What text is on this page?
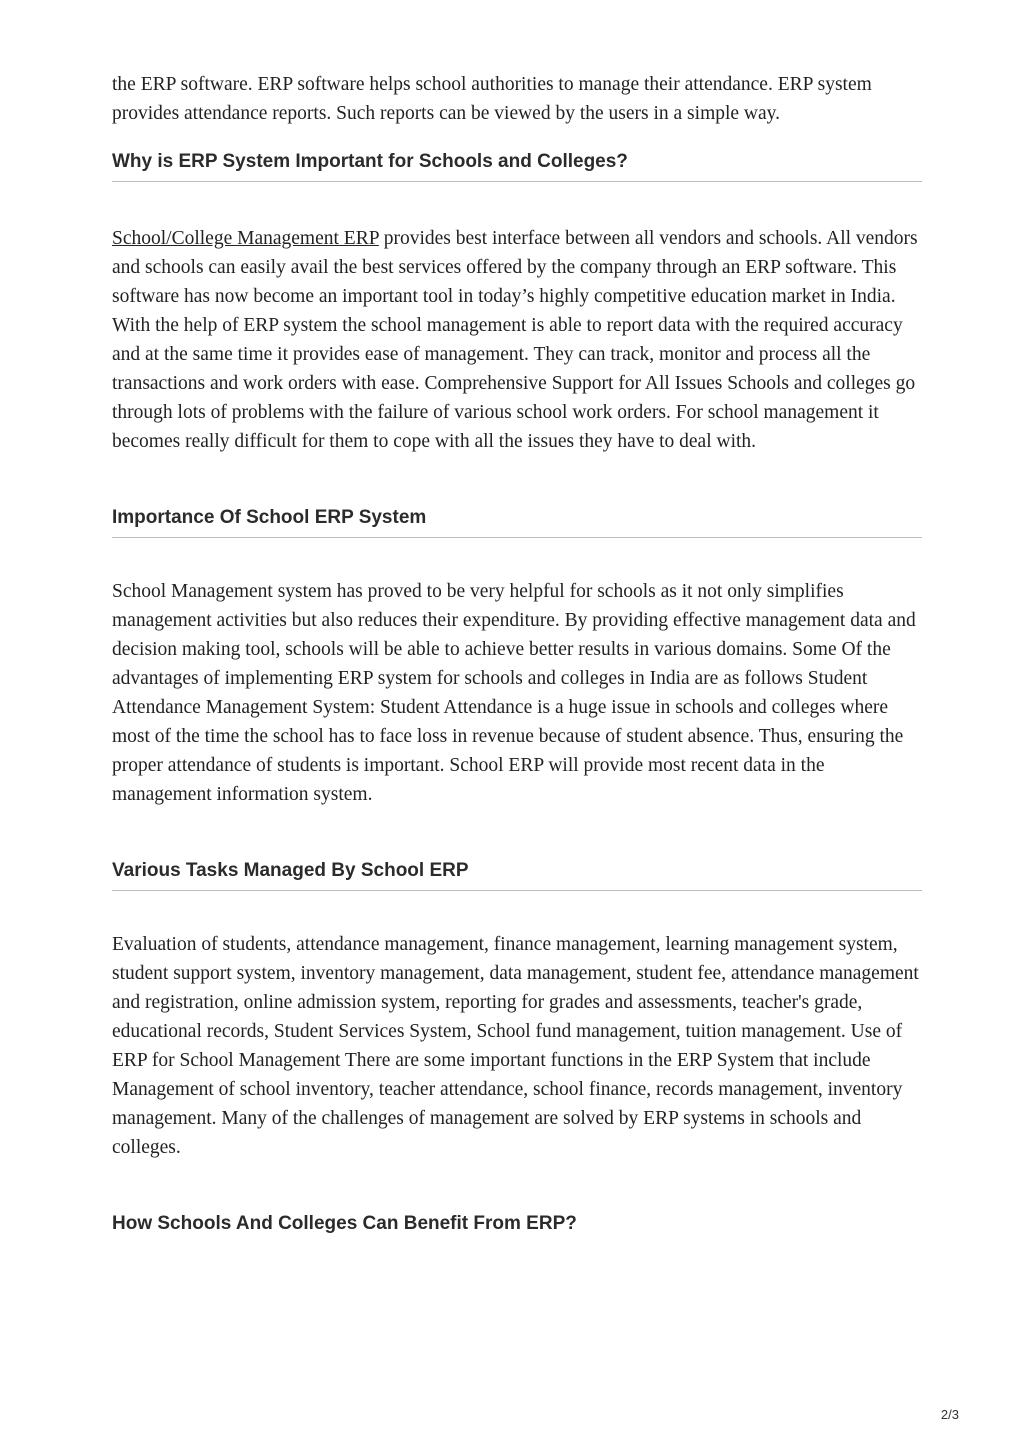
the ERP software. ERP software helps school authorities to manage their attendance. ERP system provides attendance reports. Such reports can be viewed by the users in a simple way.

Why is ERP System Important for Schools and Colleges?

School/College Management ERP provides best interface between all vendors and schools. All vendors and schools can easily avail the best services offered by the company through an ERP software. This software has now become an important tool in today’s highly competitive education market in India. With the help of ERP system the school management is able to report data with the required accuracy and at the same time it provides ease of management. They can track, monitor and process all the transactions and work orders with ease. Comprehensive Support for All Issues Schools and colleges go through lots of problems with the failure of various school work orders. For school management it becomes really difficult for them to cope with all the issues they have to deal with.

Importance Of School ERP System

School Management system has proved to be very helpful for schools as it not only simplifies management activities but also reduces their expenditure. By providing effective management data and decision making tool, schools will be able to achieve better results in various domains. Some Of the advantages of implementing ERP system for schools and colleges in India are as follows Student Attendance Management System: Student Attendance is a huge issue in schools and colleges where most of the time the school has to face loss in revenue because of student absence. Thus, ensuring the proper attendance of students is important. School ERP will provide most recent data in the management information system.

Various Tasks Managed By School ERP

Evaluation of students, attendance management, finance management, learning management system, student support system, inventory management, data management, student fee, attendance management and registration, online admission system, reporting for grades and assessments, teacher's grade, educational records, Student Services System, School fund management, tuition management. Use of ERP for School Management There are some important functions in the ERP System that include Management of school inventory, teacher attendance, school finance, records management, inventory management. Many of the challenges of management are solved by ERP systems in schools and colleges.

How Schools And Colleges Can Benefit From ERP?
2/3
